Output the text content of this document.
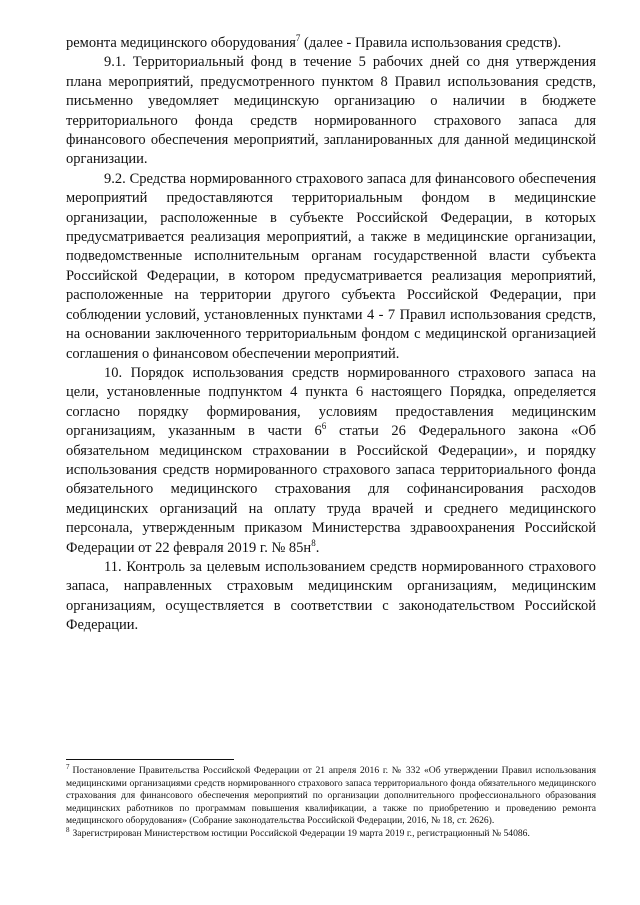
ремонта медицинского оборудования$^7$ (далее - Правила использования средств).

9.1. Территориальный фонд в течение 5 рабочих дней со дня утверждения плана мероприятий, предусмотренного пунктом 8 Правил использования средств, письменно уведомляет медицинскую организацию о наличии в бюджете территориального фонда средств нормированного страхового запаса для финансового обеспечения мероприятий, запланированных для данной медицинской организации.

9.2. Средства нормированного страхового запаса для финансового обеспечения мероприятий предоставляются территориальным фондом в медицинские организации, расположенные в субъекте Российской Федерации, в которых предусматривается реализация мероприятий, а также в медицинские организации, подведомственные исполнительным органам государственной власти субъекта Российской Федерации, в котором предусматривается реализация мероприятий, расположенные на территории другого субъекта Российской Федерации, при соблюдении условий, установленных пунктами 4 - 7 Правил использования средств, на основании заключенного территориальным фондом с медицинской организацией соглашения о финансовом обеспечении мероприятий.

10. Порядок использования средств нормированного страхового запаса на цели, установленные подпунктом 4 пункта 6 настоящего Порядка, определяется согласно порядку формирования, условиям предоставления медицинским организациям, указанным в части $6^6$ статьи 26 Федерального закона «Об обязательном медицинском страховании в Российской Федерации», и порядку использования средств нормированного страхового запаса территориального фонда обязательного медицинского страхования для софинансирования расходов медицинских организаций на оплату труда врачей и среднего медицинского персонала, утвержденным приказом Министерства здравоохранения Российской Федерации от 22 февраля 2019 г. № $85н^8$.

11. Контроль за целевым использованием средств нормированного страхового запаса, направленных страховым медицинским организациям, медицинским организациям, осуществляется в соответствии с законодательством Российской Федерации.

$^7$ Постановление Правительства Российской Федерации от 21 апреля 2016 г. № 332 «Об утверждении Правил использования медицинскими организациями средств нормированного страхового запаса территориального фонда обязательного медицинского страхования для финансового обеспечения мероприятий по организации дополнительного профессионального образования медицинских работников по программам повышения квалификации, а также по приобретению и проведению ремонта медицинского оборудования» (Собрание законодательства Российской Федерации, 2016, № 18, ст. 2626).

$^8$ Зарегистрирован Министерством юстиции Российской Федерации 19 марта 2019 г., регистрационный № 54086.
